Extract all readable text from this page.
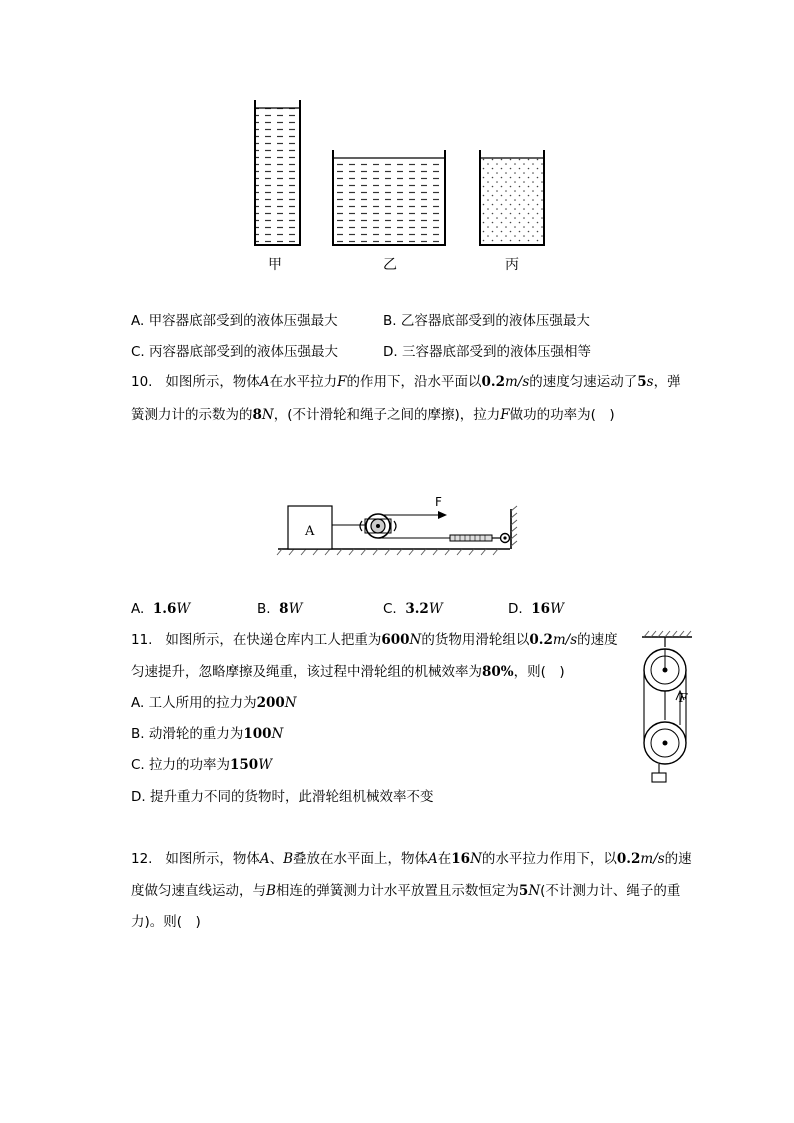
甲	乙	丙
A. 甲容器底部受到的液体压强最大	B. 乙容器底部受到的液体压强最大
C. 丙容器底部受到的液体压强最大	D. 三容器底部受到的液体压强相等
10. 如图所示，物体A在水平拉力F的作用下，沿水平面以0.2m/s的速度匀速运动了5s，弹
簧测力计的示数为的8N，(不计滑轮和绳子之间的摩擦)，拉力F做功的功率为(　)
A
F
A. 1.6W	B. 8W	C. 3.2W	D. 16W
11. 如图所示，在快递仓库内工人把重为600N的货物用滑轮组以0.2m/s的速度
匀速提升，忽略摩擦及绳重，该过程中滑轮组的机械效率为80%，则(　)
A. 工人所用的拉力为200N
B. 动滑轮的重力为100N
C. 拉力的功率为150W
D. 提升重力不同的货物时，此滑轮组机械效率不变
F
12. 如图所示，物体A、B叠放在水平面上，物体A在16N的水平拉力作用下，以0.2m/s的速
度做匀速直线运动，与B相连的弹簧测力计水平放置且示数恒定为5N(不计测力计、绳子的重
力)。则(　)
